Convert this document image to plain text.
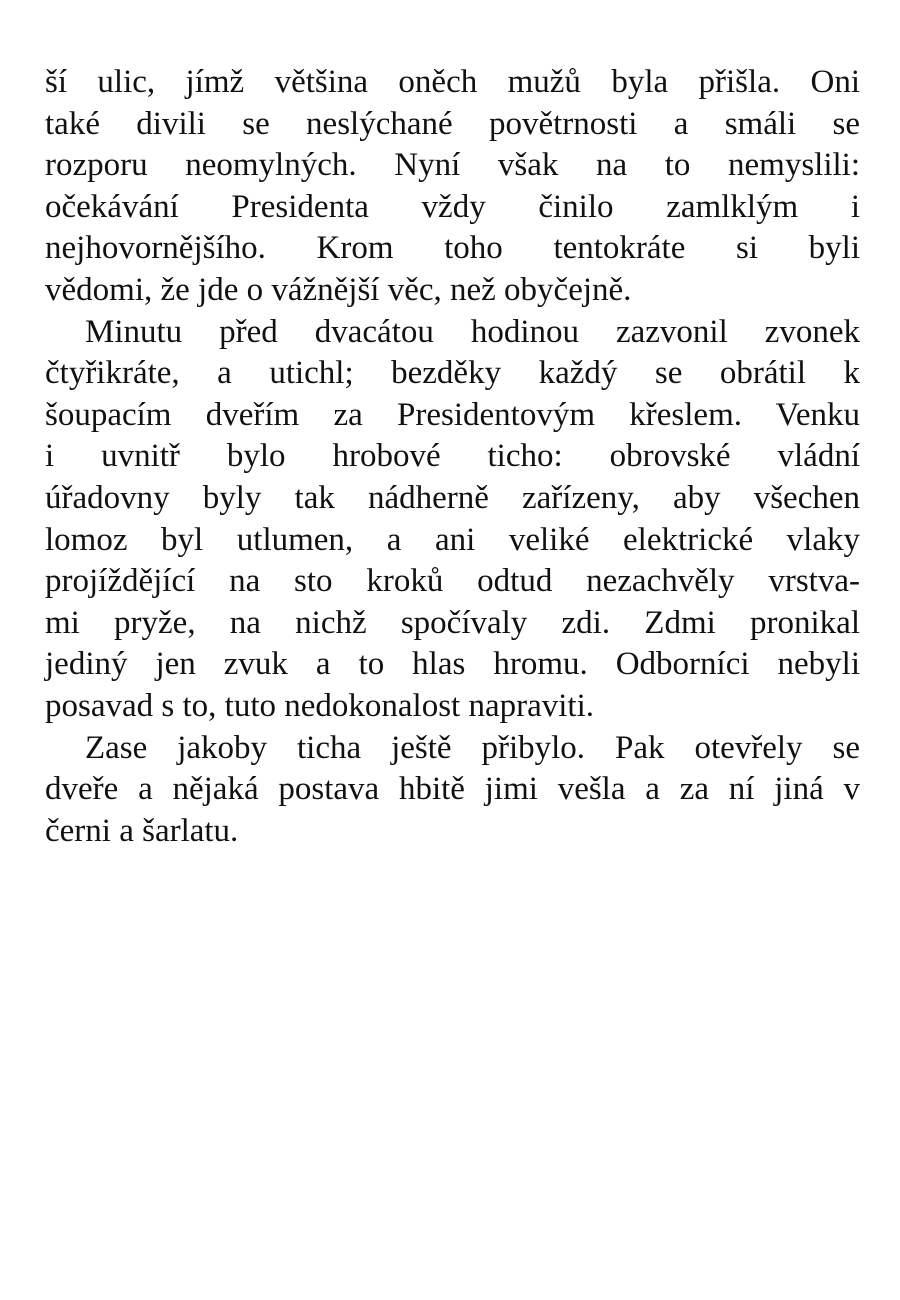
ší ulic, jímž většina oněch mužů byla přišla. Oni
také divili se neslýchané povětrnosti a smáli se
rozporu neomylných. Nyní však na to nemyslili:
očekávání Presidenta vždy činilo zamlklým i
nejhovornějšího. Krom toho tentokráte si byli
vědomi, že jde o vážnější věc, než obyčejně.

Minutu před dvacátou hodinou zazvonil zvonek
čtyřikráte, a utichl; bezděky každý se obrátil k
šoupacím dveřím za Presidentovým křeslem. Venku
i uvnitř bylo hrobové ticho: obrovské vládní
úřadovny byly tak nádherně zařízeny, aby všechen
lomoz byl utlumen, a ani veliké elektrické vlaky
projíždějící na sto kroků odtud nezachvěly vrstva-
mi pryže, na nichž spočívaly zdi. Zdmi pronikal
jediný jen zvuk a to hlas hromu. Odborníci nebyli
posavad s to, tuto nedokonalost napraviti.

Zase jakoby ticha ještě přibylo. Pak otevřely se
dveře a nějaká postava hbitě jimi vešla a za ní jiná v
černi a šarlatu.
